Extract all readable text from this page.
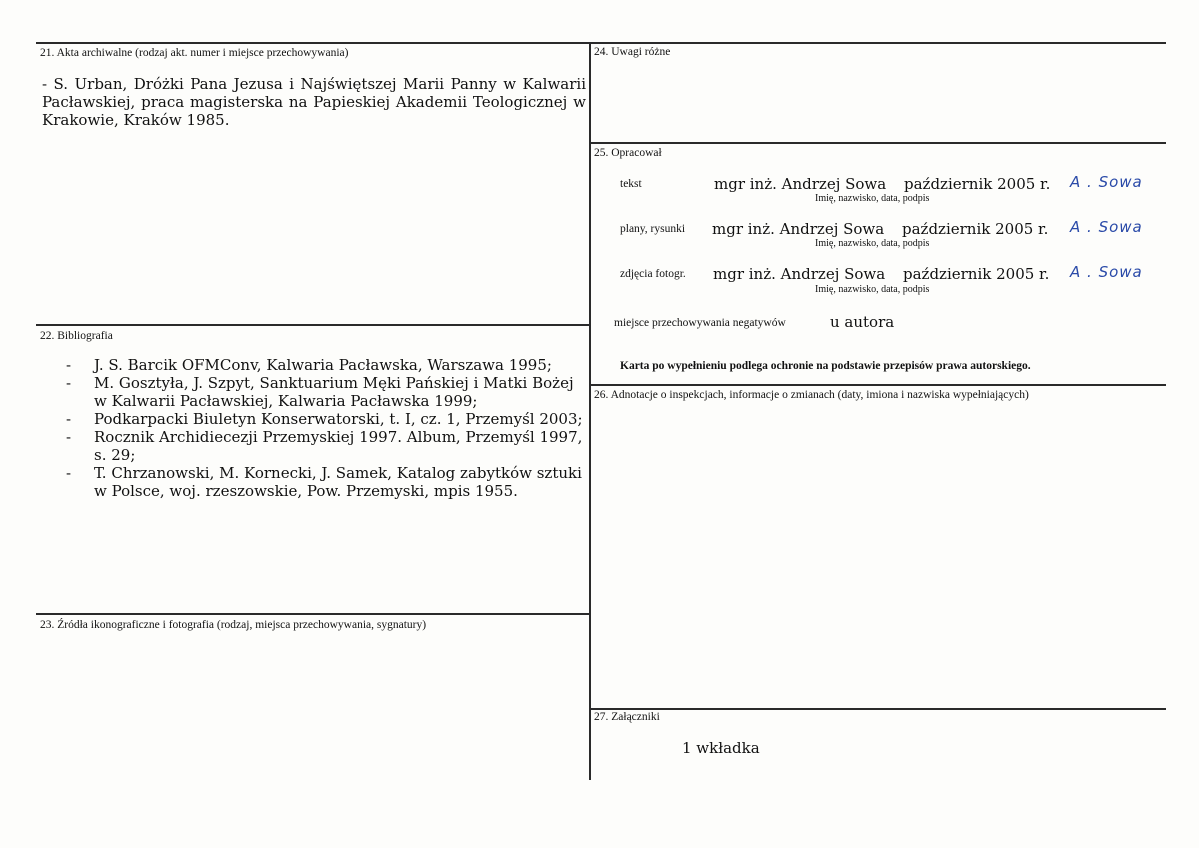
21. Akta archiwalne (rodzaj akt. numer i miejsce przechowywania)
- S. Urban, Dróżki Pana Jezusa i Najświętszej Marii Panny w Kalwarii Pacławskiej, praca magisterska na Papieskiej Akademii Teologicznej w Krakowie, Kraków 1985.
22. Bibliografia
- J. S. Barcik OFMConv, Kalwaria Pacławska, Warszawa 1995;
- M. Gosztyła, J. Szpyt, Sanktuarium Męki Pańskiej i Matki Bożej w Kalwarii Pacławskiej, Kalwaria Pacławska 1999;
- Podkarpacki Biuletyn Konserwatorski, t. I, cz. 1, Przemyśl 2003;
- Rocznik Archidiecezji Przemyskiej 1997. Album, Przemyśl 1997, s. 29;
- T. Chrzanowski, M. Kornecki, J. Samek, Katalog zabytków sztuki w Polsce, woj. rzeszowskie, Pow. Przemyski, mpis 1955.
23. Źródła ikonograficzne i fotografia (rodzaj, miejsca przechowywania, sygnatury)
24. Uwagi różne
25. Opracował
tekst	mgr inż. Andrzej Sowa październik 2005 r. A . Sowa
Imię, nazwisko, data, podpis
plany, rysunki mgr inż. Andrzej Sowa październik 2005 r. A . Sowa
Imię, nazwisko, data, podpis
zdjęcia fotogr. mgr inż. Andrzej Sowa październik 2005 r. A . Sowa
Imię, nazwisko, data, podpis
miejsce przechowywania negatywów	u autora
Karta po wypełnieniu podlega ochronie na podstawie przepisów prawa autorskiego.
26. Adnotacje o inspekcjach, informacje o zmianach (daty, imiona i nazwiska wypełniających)
27. Załączniki
1 wkładka
